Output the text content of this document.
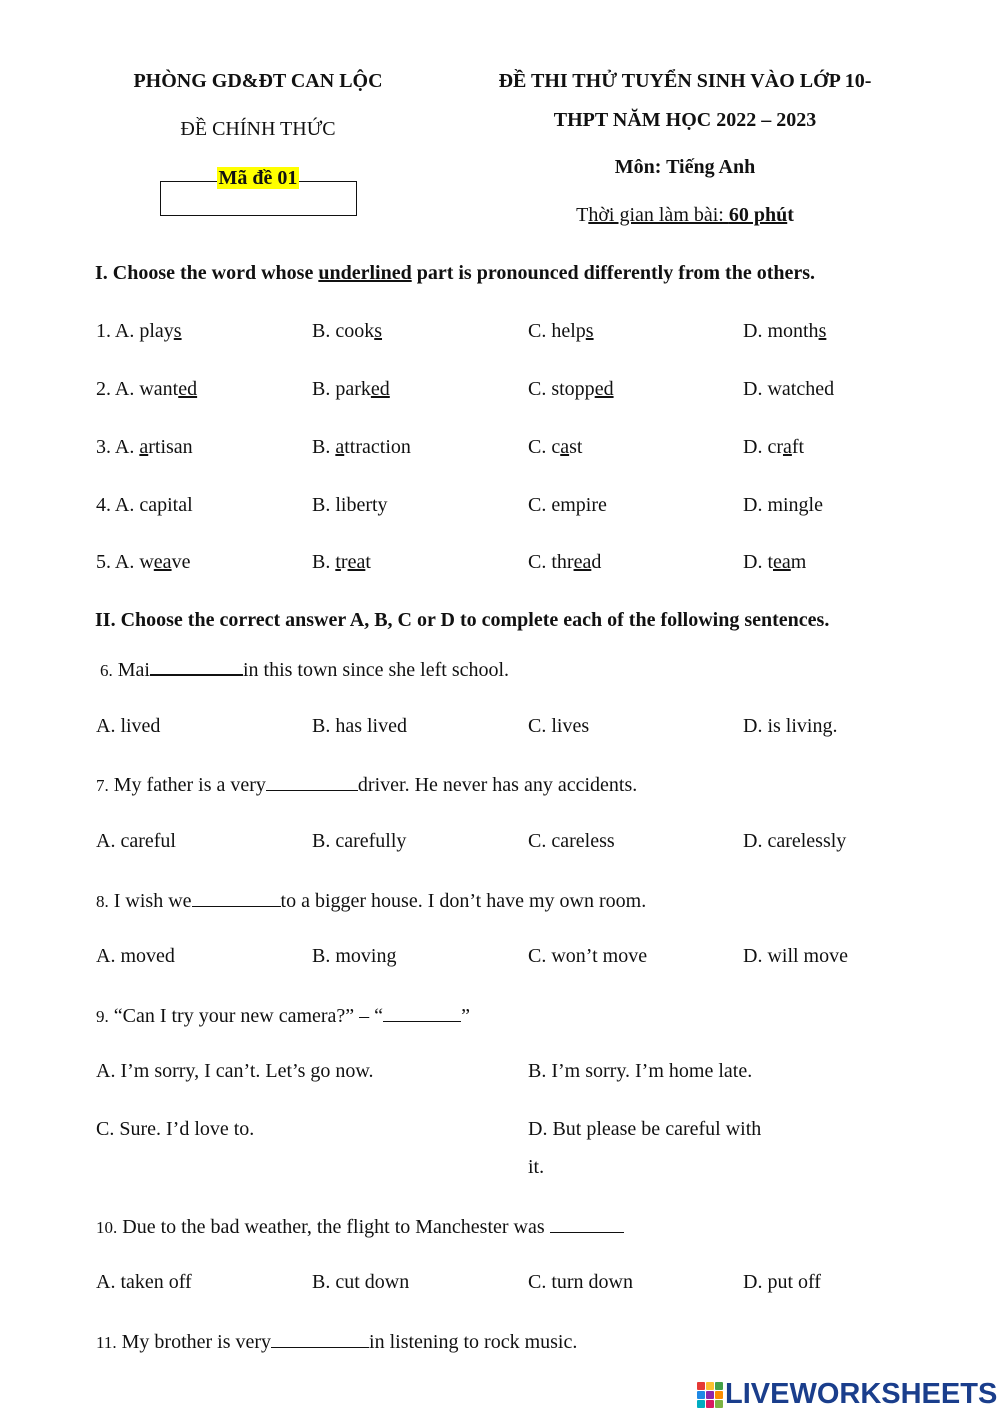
PHÒNG GD&ĐT CAN LỘC
ĐỀ CHÍNH THỨC
Mã đề 01
ĐỀ THI THỬ TUYỂN SINH VÀO LỚP 10-
THPT NĂM HỌC 2022 – 2023
Môn: Tiếng Anh
Thời gian làm bài: 60 phút
I. Choose the word whose underlined part is pronounced differently from the others.
1. A. plays	B. cooks	C. helps	D. months
2. A. wanted	B. parked	C. stopped	D. watched
3. A. artisan	B. attraction	C. cast	D. craft
4. A. capital	B. liberty	C. empire	D. mingle
5. A. weave	B. treat	C. thread	D. team
II. Choose the correct answer A, B, C or D to complete each of the following sentences.
6. Mai	in this town since she left school.
A. lived	B. has lived	C. lives	D. is living.
7. My father is a very	driver. He never has any accidents.
A. careful	B. carefully	C. careless	D. carelessly
8. I wish we	to a bigger house. I don’t have my own room.
A. moved	B. moving	C. won’t move	D. will move
9. “Can I try your new camera?” – “	”
A. I’m sorry, I can’t. Let’s go now.	B. I’m sorry. I’m home late.
C. Sure. I’d love to.	D. But please be careful with
it.
10. Due to the bad weather, the flight to Manchester was
A. taken off	B. cut down	C. turn down	D. put off
11. My brother is very	in listening to rock music.
LIVEWORKSHEETS
